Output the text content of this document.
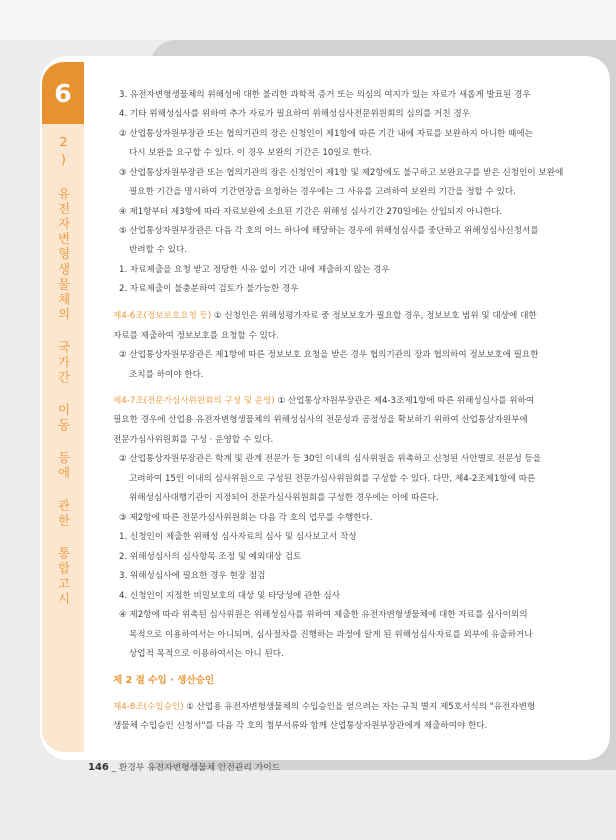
6
2) 유전자변형생물체의 국가간 이동 등에 관한 통합고시
3. 유전자변형생물체의 위해성에 대한 불리한 과학적 증거 또는 의심의 여지가 있는 자료가 새롭게 발표된 경우
4. 기타 위해성심사를 위하여 추가 자료가 필요하여 위해성심사전문위원회의 심의를 거친 경우
② 산업통상자원부장관 또는 협의기관의 장은 신청인이 제1항에 따른 기간 내에 자료를 보완하지 아니한 때에는
다시 보완을 요구할 수 있다. 이 경우 보완의 기간은 10일로 한다.
③ 산업통상자원부장관 또는 협의기관의 장은 신청인이 제1항 및 제2항에도 불구하고 보완요구를 받은 신청인이 보완에
필요한 기간을 명시하여 기간연장을 요청하는 경우에는 그 사유를 고려하여 보완의 기간을 정할 수 있다.
④ 제1항부터 제3항에 따라 자료보완에 소요된 기간은 위해성 심사기간 270일에는 산입되지 아니한다.
⑤ 산업통상자원부장관은 다음 각 호의 어느 하나에 해당하는 경우에 위해성심사를 중단하고 위해성심사신청서를
반려할 수 있다.
1. 자료제출을 요청 받고 정당한 사유 없이 기간 내에 제출하지 않는 경우
2. 자료제출이 불충분하여 검토가 불가능한 경우
제4-6조(정보보호요청 등) ① 신청인은 위해성평가자료 중 정보보호가 필요할 경우, 정보보호 범위 및 대상에 대한
자료를 제출하여 정보보호를 요청할 수 있다.
② 산업통상자원부장관은 제1항에 따른 정보보호 요청을 받은 경우 협의기관의 장과 협의하여 정보보호에 필요한
조치를 하여야 한다.
제4-7조(전문가심사위원회의 구성 및 운영) ① 산업통상자원부장관은 제4-3조제1항에 따른 위해성심사를 위하여
필요한 경우에 산업용 유전자변형생물체의 위해성심사의 전문성과 공정성을 확보하기 위하여 산업통상자원부에
전문가심사위원회를 구성 · 운영할 수 있다.
② 산업통상자원부장관은 학계 및 관계 전문가 등 30인 이내의 심사위원을 위촉하고 신청된 사안별로 전문성 등을
고려하여 15인 이내의 심사위원으로 구성된 전문가심사위원회를 구성할 수 있다. 다만, 제4-2조제1항에 따른
위해성심사대행기관이 지정되어 전문가심사위원회를 구성한 경우에는 이에 따른다.
③ 제2항에 따른 전문가심사위원회는 다음 각 호의 업무를 수행한다.
1. 신청인이 제출한 위해성 심사자료의 심사 및 심사보고서 작성
2. 위해성심사의 심사항목 조정 및 예외대상 검토
3. 위해성심사에 필요한 경우 현장 점검
4. 신청인이 지정한 비밀보호의 대상 및 타당성에 관한 심사
④ 제2항에 따라 위촉된 심사위원은 위해성심사를 위하여 제출한 유전자변형생물체에 대한 자료를 심사이외의
목적으로 이용하여서는 아니되며, 심사절차를 진행하는 과정에 알게 된 위해성심사자료를 외부에 유출하거나
상업적 목적으로 이용하여서는 아니 된다.
제 2 절 수입 · 생산승인
제4-8조(수입승인) ① 산업용 유전자변형생물체의 수입승인을 얻으려는 자는 규칙 별지 제5호서식의 "유전자변형
생물체 수입승인 신청서"를 다음 각 호의 첨부서류와 함께 산업통상자원부장관에게 제출하여야 한다.
146 _ 환경부 유전자변형생물체 안전관리 가이드
